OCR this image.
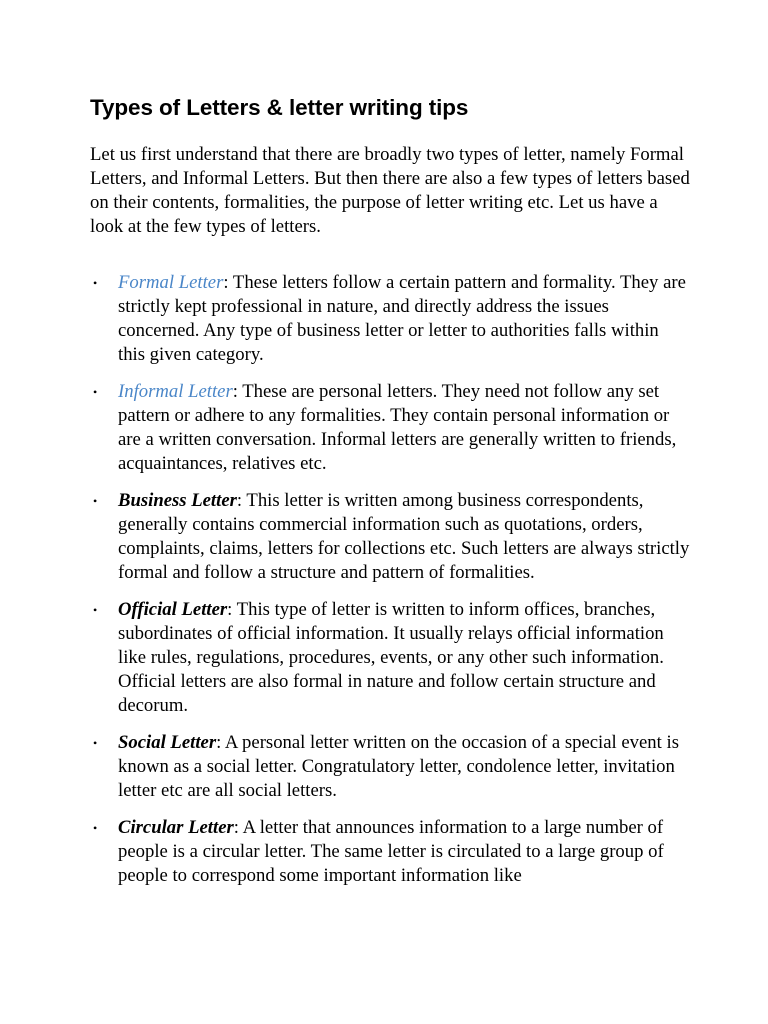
Types of Letters & letter writing tips

Let us first understand that there are broadly two types of letter, namely Formal Letters, and Informal Letters. But then there are also a few types of letters based on their contents, formalities, the purpose of letter writing etc. Let us have a look at the few types of letters.

• Formal Letter: These letters follow a certain pattern and formality. They are strictly kept professional in nature, and directly address the issues concerned. Any type of business letter or letter to authorities falls within this given category.
• Informal Letter: These are personal letters. They need not follow any set pattern or adhere to any formalities. They contain personal information or are a written conversation. Informal letters are generally written to friends, acquaintances, relatives etc.
• Business Letter: This letter is written among business correspondents, generally contains commercial information such as quotations, orders, complaints, claims, letters for collections etc. Such letters are always strictly formal and follow a structure and pattern of formalities.
• Official Letter: This type of letter is written to inform offices, branches, subordinates of official information. It usually relays official information like rules, regulations, procedures, events, or any other such information. Official letters are also formal in nature and follow certain structure and decorum.
• Social Letter: A personal letter written on the occasion of a special event is known as a social letter. Congratulatory letter, condolence letter, invitation letter etc are all social letters.
• Circular Letter: A letter that announces information to a large number of people is a circular letter. The same letter is circulated to a large group of people to correspond some important information like
